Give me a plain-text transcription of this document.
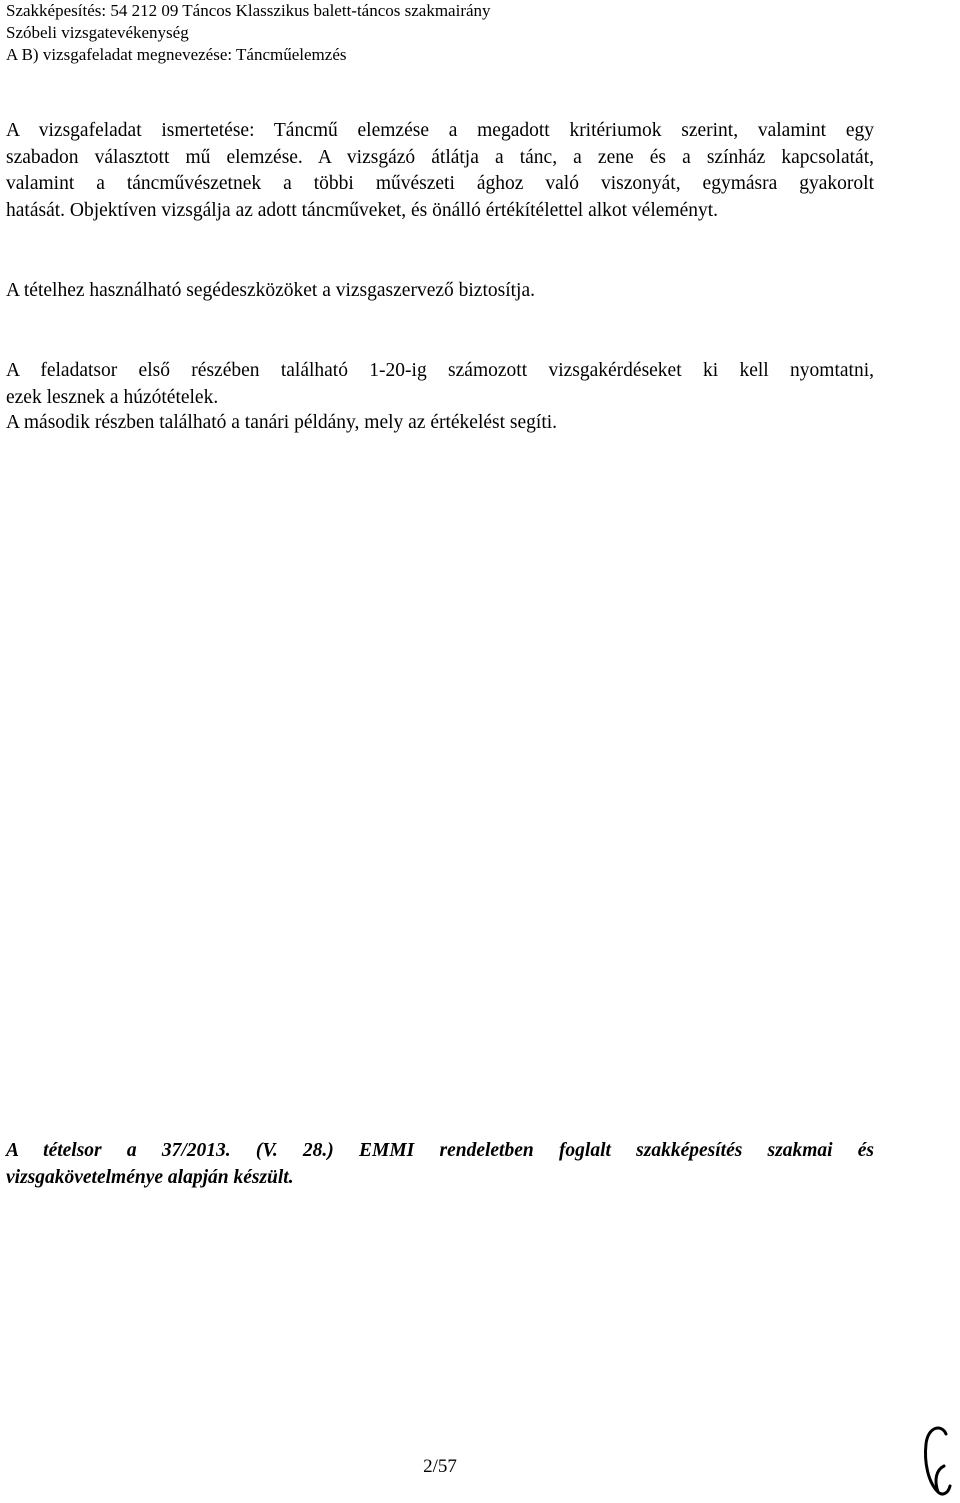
Szakképesítés: 54 212 09 Táncos Klasszikus balett-táncos szakmairány
Szóbeli vizsgatevékenység
A B) vizsgafeladat megnevezése: Táncműelemzés
A vizsgafeladat ismertetése: Táncmű elemzése a megadott kritériumok szerint, valamint egy
szabadon választott mű elemzése. A vizsgázó átlátja a tánc, a zene és a színház kapcsolatát,
valamint a táncművészetnek a többi művészeti ághoz való viszonyát, egymásra gyakorolt
hatását. Objektíven vizsgálja az adott táncműveket, és önálló értékítélettel alkot véleményt.
A tételhez használható segédeszközöket a vizsgaszervező biztosítja.
A feladatsor első részében található 1-20-ig számozott vizsgakérdéseket ki kell nyomtatni,
ezek lesznek a húzótételek.
A második részben található a tanári példány, mely az értékelést segíti.
A tételsor a 37/2013. (V. 28.) EMMI rendeletben foglalt szakképesítés szakmai és
vizsgakövetelménye alapján készült.
2/57
